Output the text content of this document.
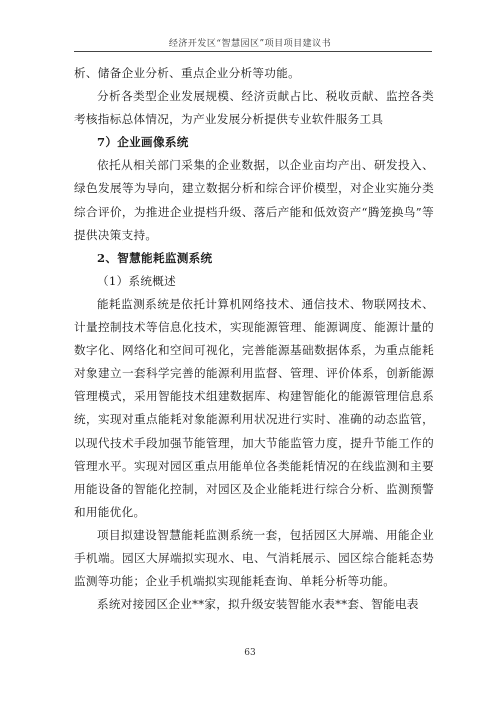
经济开发区“智慧园区”项目项目建议书

析、储备企业分析、重点企业分析等功能。

分析各类型企业发展规模、经济贡献占比、税收贡献、监控各类考核指标总体情况，为产业发展分析提供专业软件服务工具

7）企业画像系统

依托从相关部门采集的企业数据，以企业亩均产出、研发投入、绿色发展等为导向，建立数据分析和综合评价模型，对企业实施分类综合评价，为推进企业提档升级、落后产能和低效资产“腾笼换鸟”等提供决策支持。

2、智慧能耗监测系统

（1）系统概述

能耗监测系统是依托计算机网络技术、通信技术、物联网技术、计量控制技术等信息化技术，实现能源管理、能源调度、能源计量的数字化、网络化和空间可视化，完善能源基础数据体系，为重点能耗对象建立一套科学完善的能源利用监督、管理、评价体系，创新能源管理模式，采用智能技术组建数据库、构建智能化的能源管理信息系统，实现对重点能耗对象能源利用状况进行实时、准确的动态监管，以现代技术手段加强节能管理，加大节能监管力度，提升节能工作的管理水平。实现对园区重点用能单位各类能耗情况的在线监测和主要用能设备的智能化控制，对园区及企业能耗进行综合分析、监测预警和用能优化。

项目拟建设智慧能耗监测系统一套，包括园区大屏端、用能企业手机端。园区大屏端拟实现水、电、气消耗展示、园区综合能耗态势监测等功能；企业手机端拟实现能耗查询、单耗分析等功能。

系统对接园区企业**家，拟升级安装智能水表**套、智能电表

63
